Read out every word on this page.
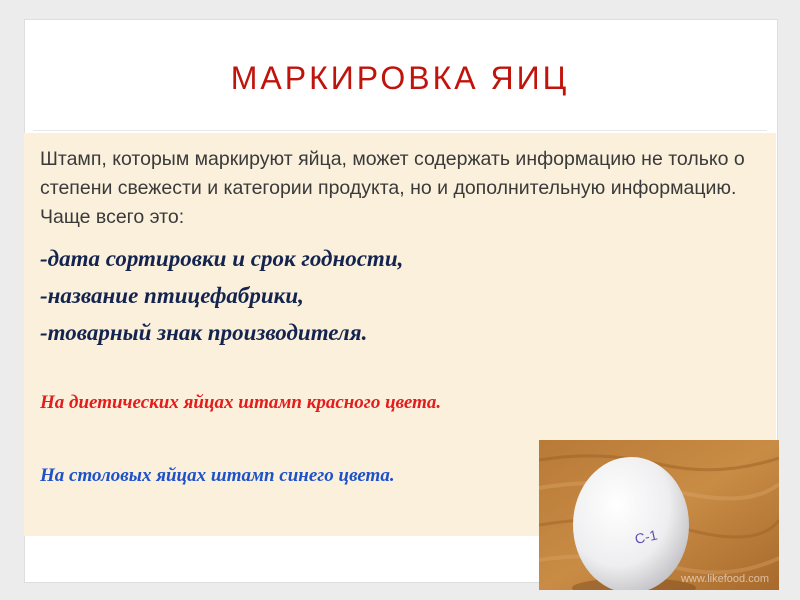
МАРКИРОВКА ЯИЦ

Штамп, которым маркируют яйца, может содержать информацию не только о степени свежести и категории продукта, но и дополнительную информацию. Чаще всего это:

-дата сортировки и срок годности,
-название птицефабрики,
-товарный знак производителя.

На диетических яйцах штамп красного цвета.

На столовых яйцах штамп синего цвета.

С-1
www.likefood.com
